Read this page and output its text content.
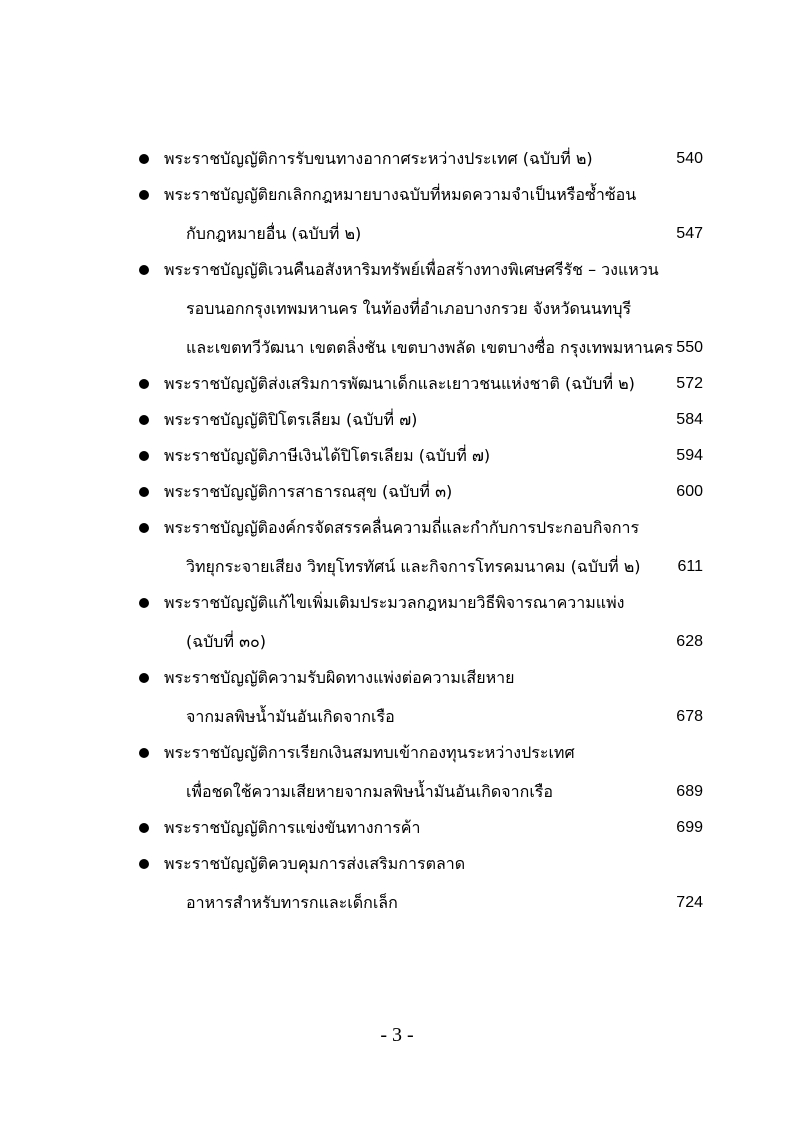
พระราชบัญญัติการรับขนทางอากาศระหว่างประเทศ (ฉบับที่ ๒)	540
พระราชบัญญัติยกเลิกกฎหมายบางฉบับที่หมดความจำเป็นหรือซ้ำซ้อน
กับกฎหมายอื่น (ฉบับที่ ๒)	547
พระราชบัญญัติเวนคืนอสังหาริมทรัพย์เพื่อสร้างทางพิเศษศรีรัช – วงแหวน
รอบนอกกรุงเทพมหานคร ในท้องที่อำเภอบางกรวย จังหวัดนนทบุรี
และเขตทวีวัฒนา เขตตลิ่งชัน เขตบางพลัด เขตบางซื่อ กรุงเทพมหานคร 550
พระราชบัญญัติส่งเสริมการพัฒนาเด็กและเยาวชนแห่งชาติ (ฉบับที่ ๒)	572
พระราชบัญญัติปิโตรเลียม (ฉบับที่ ๗)	584
พระราชบัญญัติภาษีเงินได้ปิโตรเลียม (ฉบับที่ ๗)	594
พระราชบัญญัติการสาธารณสุข (ฉบับที่ ๓)	600
พระราชบัญญัติองค์กรจัดสรรคลื่นความถี่และกำกับการประกอบกิจการ
วิทยุกระจายเสียง วิทยุโทรทัศน์ และกิจการโทรคมนาคม (ฉบับที่ ๒) 611
พระราชบัญญัติแก้ไขเพิ่มเติมประมวลกฎหมายวิธีพิจารณาความแพ่ง
(ฉบับที่ ๓๐)	628
พระราชบัญญัติความรับผิดทางแพ่งต่อความเสียหาย
จากมลพิษน้ำมันอันเกิดจากเรือ	678
พระราชบัญญัติการเรียกเงินสมทบเข้ากองทุนระหว่างประเทศ
เพื่อชดใช้ความเสียหายจากมลพิษน้ำมันอันเกิดจากเรือ	689
พระราชบัญญัติการแข่งขันทางการค้า	699
พระราชบัญญัติควบคุมการส่งเสริมการตลาด
อาหารสำหรับทารกและเด็กเล็ก	724
- 3 -
